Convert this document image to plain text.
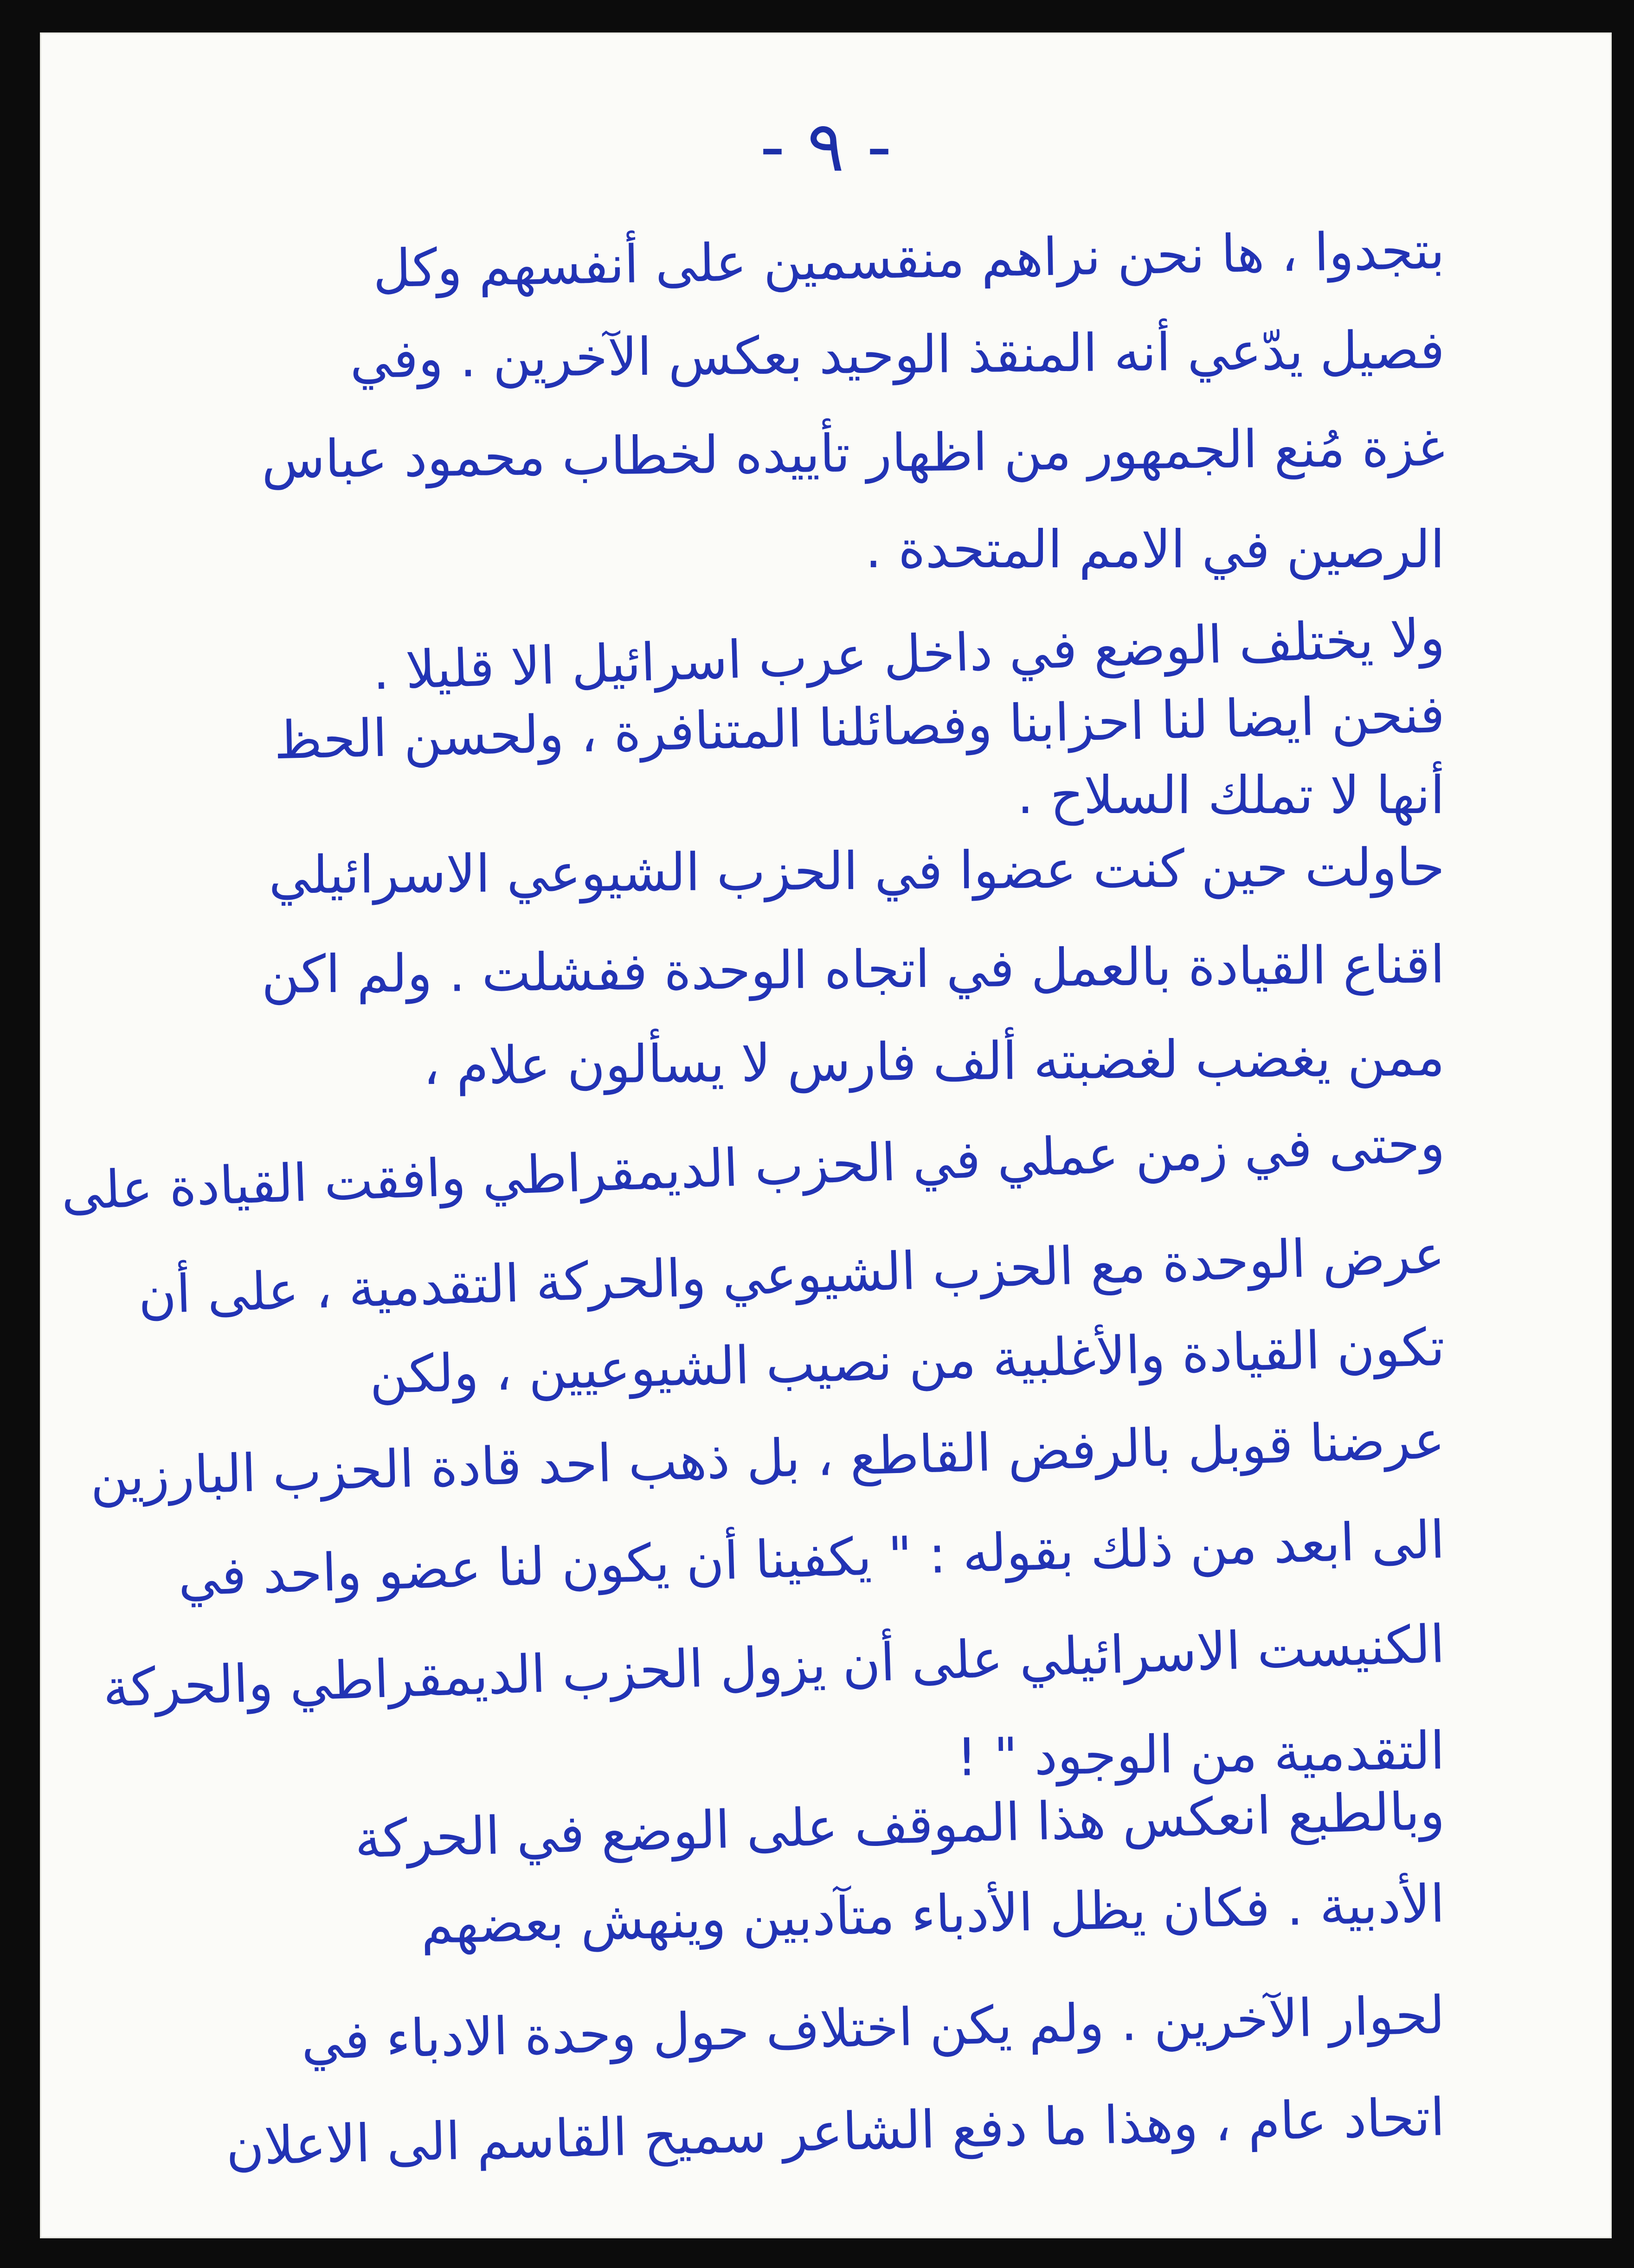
- ٩ -
بتجدوا ، ها نحن نراهم منقسمين على أنفسهم وكل
فصيل يدّعي أنه المنقذ الوحيد بعكس الآخرين . وفي
غزة مُنع الجمهور من اظهار تأييده لخطاب محمود عباس
الرصين في الامم المتحدة .
ولا يختلف الوضع في داخل عرب اسرائيل الا قليلا .
فنحن ايضا لنا احزابنا وفصائلنا المتنافرة ، ولحسن الحظ
أنها لا تملك السلاح .
حاولت حين كنت عضوا في الحزب الشيوعي الاسرائيلي
اقناع القيادة بالعمل في اتجاه الوحدة ففشلت . ولم اكن
ممن يغضب لغضبته ألف فارس لا يسألون علام ،
وحتى في زمن عملي في الحزب الديمقراطي وافقت القيادة على
عرض الوحدة مع الحزب الشيوعي والحركة التقدمية ، على أن
تكون القيادة والأغلبية من نصيب الشيوعيين ، ولكن
عرضنا قوبل بالرفض القاطع ، بل ذهب احد قادة الحزب البارزين
الى ابعد من ذلك بقوله : " يكفينا أن يكون لنا عضو واحد في
الكنيست الاسرائيلي على أن يزول الحزب الديمقراطي والحركة
التقدمية من الوجود " !
وبالطبع انعكس هذا الموقف على الوضع في الحركة
الأدبية . فكان يظل الأدباء متآدبين وينهش بعضهم
لحوار الآخرين . ولم يكن اختلاف حول وحدة الادباء في
اتحاد عام ، وهذا ما دفع الشاعر سميح القاسم الى الاعلان
